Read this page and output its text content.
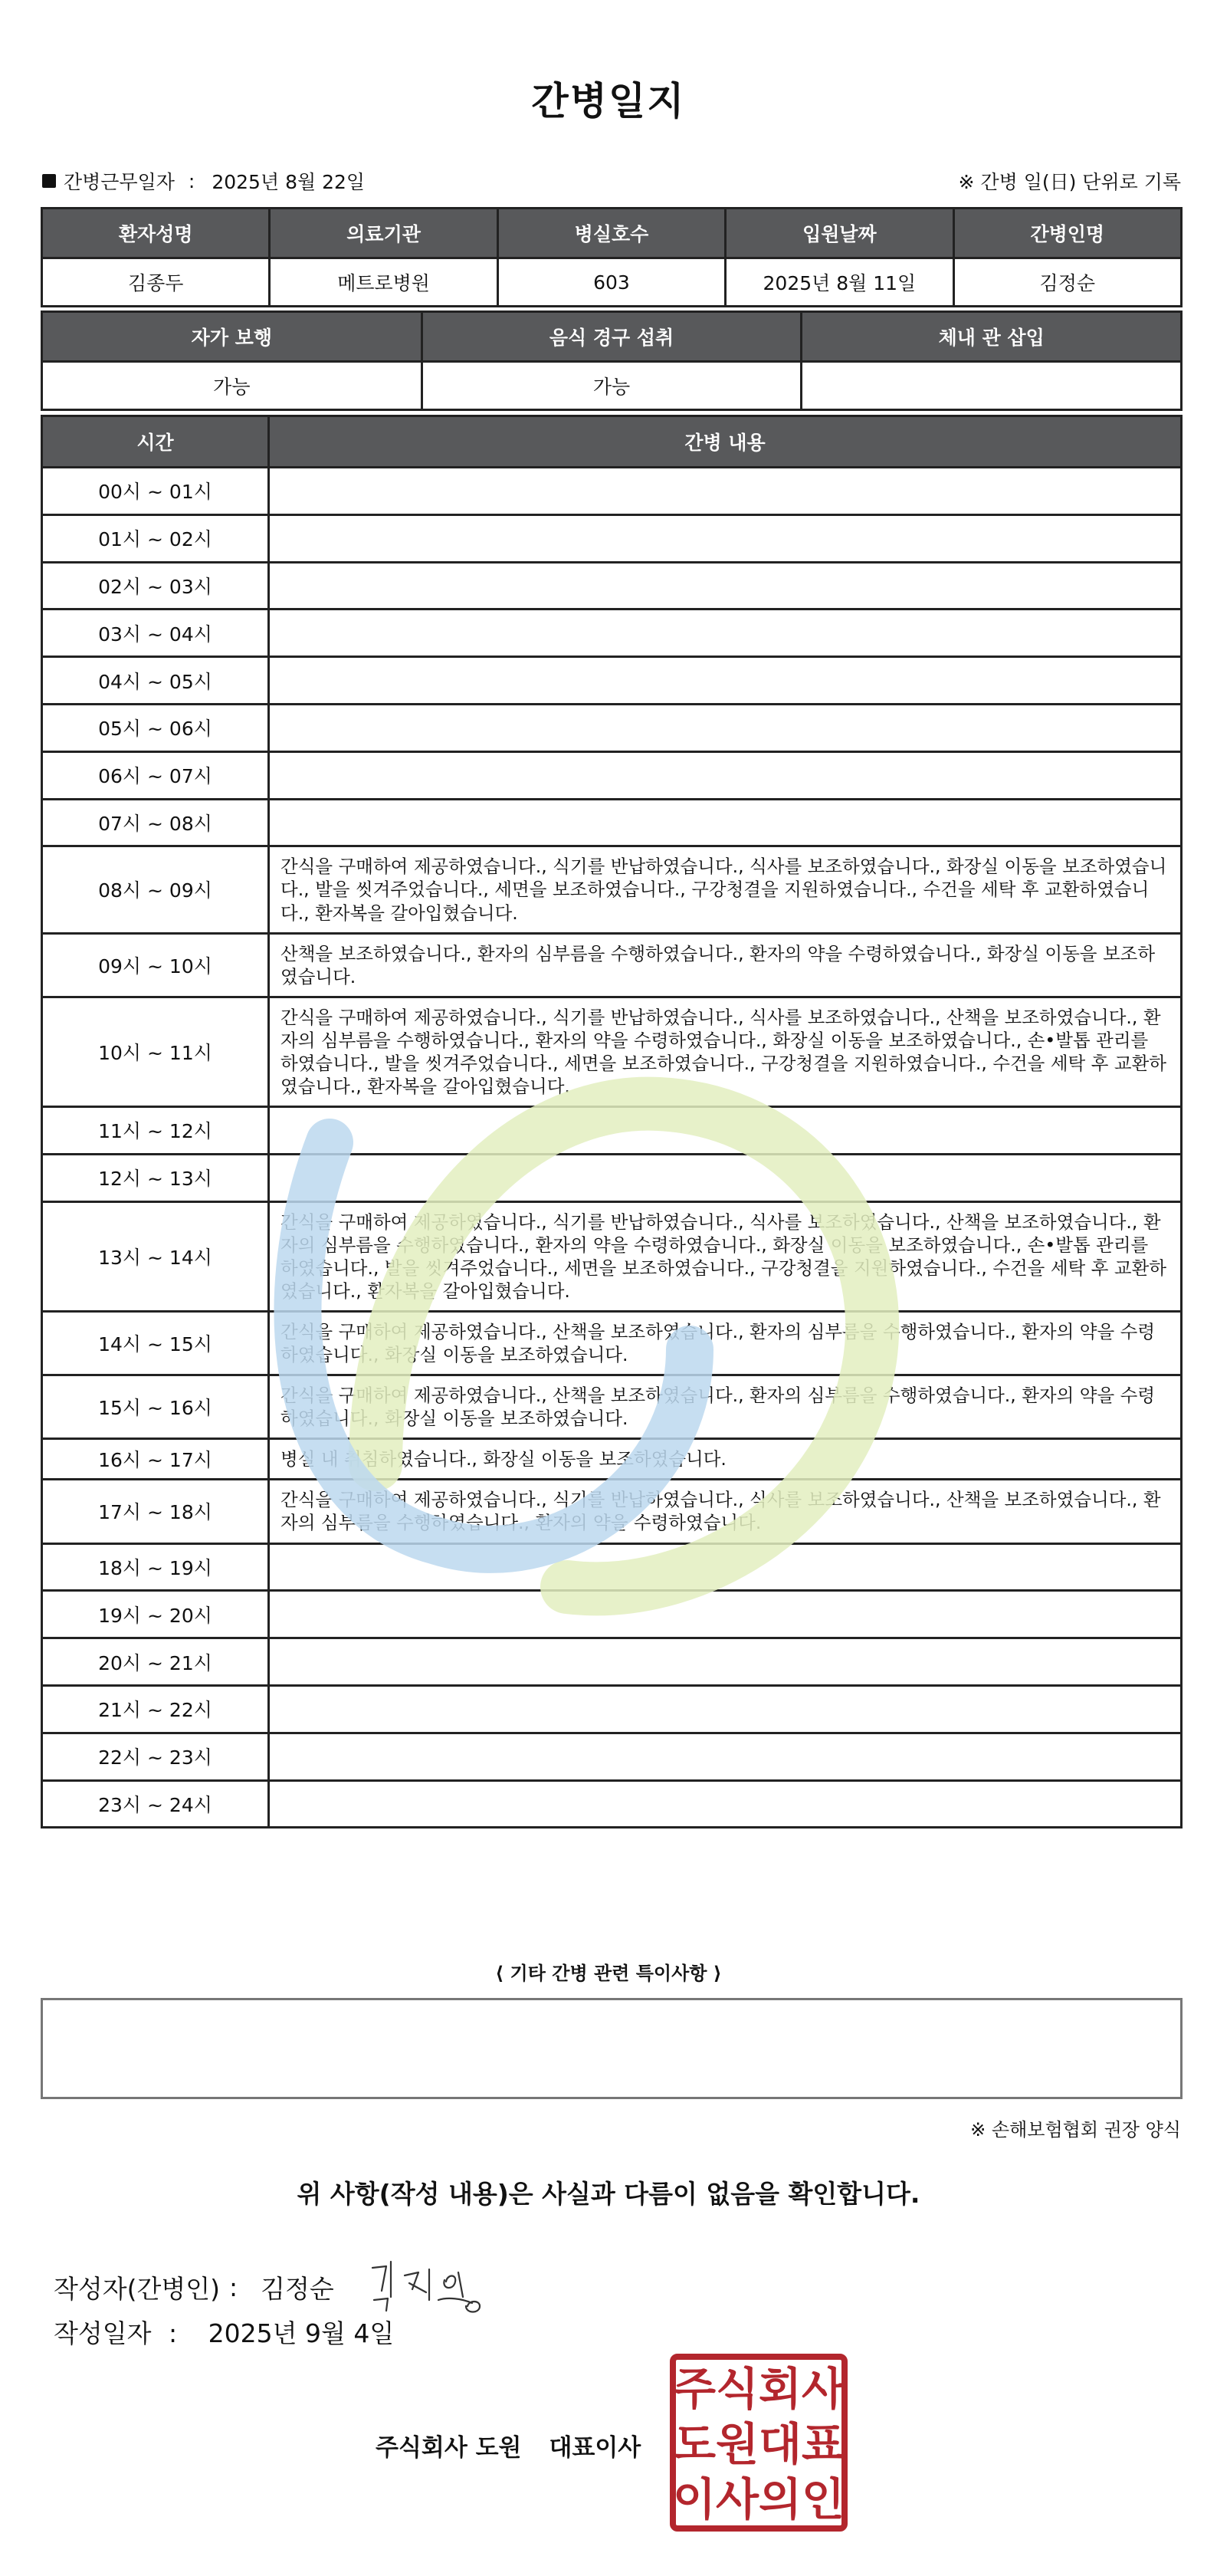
간병일지
간병근무일자 : 2025년 8월 22일	※ 간병 일(日) 단위로 기록
환자성명	의료기관	병실호수	입원날짜	간병인명
김종두	메트로병원	603	2025년 8월 11일	김정순
자가 보행	음식 경구 섭취	체내 관 삽입
가능	가능	
시간	간병 내용
00시 ~ 01시	
01시 ~ 02시	
02시 ~ 03시	
03시 ~ 04시	
04시 ~ 05시	
05시 ~ 06시	
06시 ~ 07시	
07시 ~ 08시	
08시 ~ 09시	간식을 구매하여 제공하였습니다., 식기를 반납하였습니다., 식사를 보조하였습니다., 화장실 이동을 보조하였습니다., 발을 씻겨주었습니다., 세면을 보조하였습니다., 구강청결을 지원하였습니다., 수건을 세탁 후 교환하였습니다., 환자복을 갈아입혔습니다.
09시 ~ 10시	산책을 보조하였습니다., 환자의 심부름을 수행하였습니다., 환자의 약을 수령하였습니다., 화장실 이동을 보조하였습니다.
10시 ~ 11시	간식을 구매하여 제공하였습니다., 식기를 반납하였습니다., 식사를 보조하였습니다., 산책을 보조하였습니다., 환자의 심부름을 수행하였습니다., 환자의 약을 수령하였습니다., 화장실 이동을 보조하였습니다., 손•발톱 관리를 하였습니다., 발을 씻겨주었습니다., 세면을 보조하였습니다., 구강청결을 지원하였습니다., 수건을 세탁 후 교환하였습니다., 환자복을 갈아입혔습니다.
11시 ~ 12시	
12시 ~ 13시	
13시 ~ 14시	간식을 구매하여 제공하였습니다., 식기를 반납하였습니다., 식사를 보조하였습니다., 산책을 보조하였습니다., 환자의 심부름을 수행하였습니다., 환자의 약을 수령하였습니다., 화장실 이동을 보조하였습니다., 손•발톱 관리를 하였습니다., 발을 씻겨주었습니다., 세면을 보조하였습니다., 구강청결을 지원하였습니다., 수건을 세탁 후 교환하였습니다., 환자복을 갈아입혔습니다.
14시 ~ 15시	간식을 구매하여 제공하였습니다., 산책을 보조하였습니다., 환자의 심부름을 수행하였습니다., 환자의 약을 수령하였습니다., 화장실 이동을 보조하였습니다.
15시 ~ 16시	간식을 구매하여 제공하였습니다., 산책을 보조하였습니다., 환자의 심부름을 수행하였습니다., 환자의 약을 수령하였습니다., 화장실 이동을 보조하였습니다.
16시 ~ 17시	병실 내 취침하였습니다., 화장실 이동을 보조하였습니다.
17시 ~ 18시	간식을 구매하여 제공하였습니다., 식기를 반납하였습니다., 식사를 보조하였습니다., 산책을 보조하였습니다., 환자의 심부름을 수행하였습니다., 환자의 약을 수령하였습니다.
18시 ~ 19시	
19시 ~ 20시	
20시 ~ 21시	
21시 ~ 22시	
22시 ~ 23시	
23시 ~ 24시	
⟨ 기타 간병 관련 특이사항 ⟩
※ 손해보험협회 권장 양식
위 사항(작성 내용)은 사실과 다름이 없음을 확인합니다.
작성자(간병인) : 김정순
작성일자 : 2025년 9월 4일
주식회사 도원 대표이사
주식회사
도원대표
이사의인
